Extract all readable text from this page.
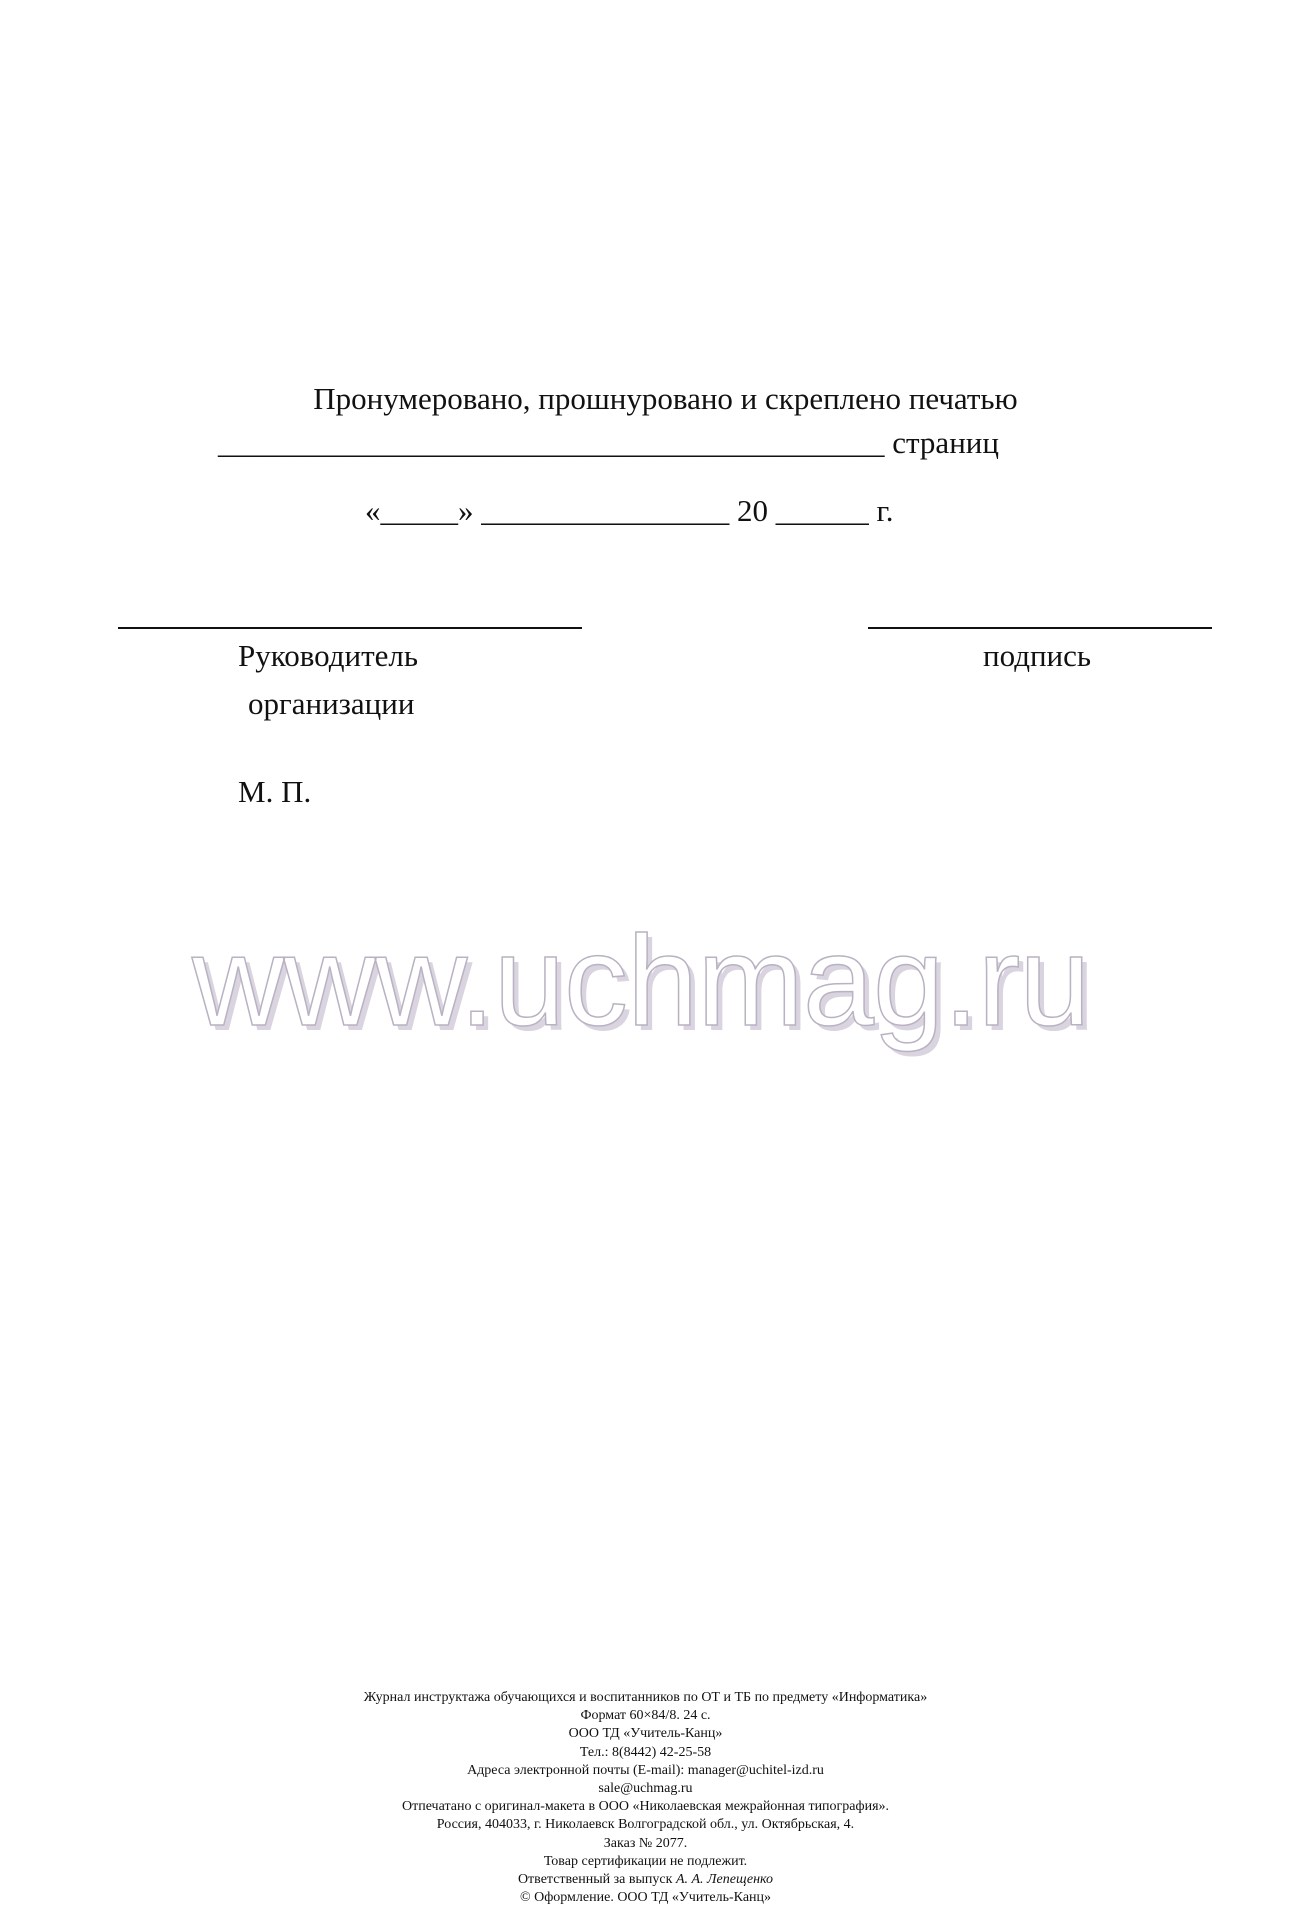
Пронумеровано, прошнуровано и скреплено печатью
___________________________________________ страниц
«_____» ________________ 20 ______ г.
Руководитель
организации
подпись
М. П.
www.uchmag.ru
Журнал инструктажа обучающихся и воспитанников по ОТ и ТБ по предмету «Информатика»
Формат 60×84/8. 24 с.
ООО ТД «Учитель-Канц»
Тел.: 8(8442) 42-25-58
Адреса электронной почты (E-mail): manager@uchitel-izd.ru
sale@uchmag.ru
Отпечатано с оригинал-макета в ООО «Николаевская межрайонная типография».
Россия, 404033, г. Николаевск Волгоградской обл., ул. Октябрьская, 4.
Заказ № 2077.
Товар сертификации не подлежит.
Ответственный за выпуск А. А. Лепещенко
© Оформление. ООО ТД «Учитель-Канц»
